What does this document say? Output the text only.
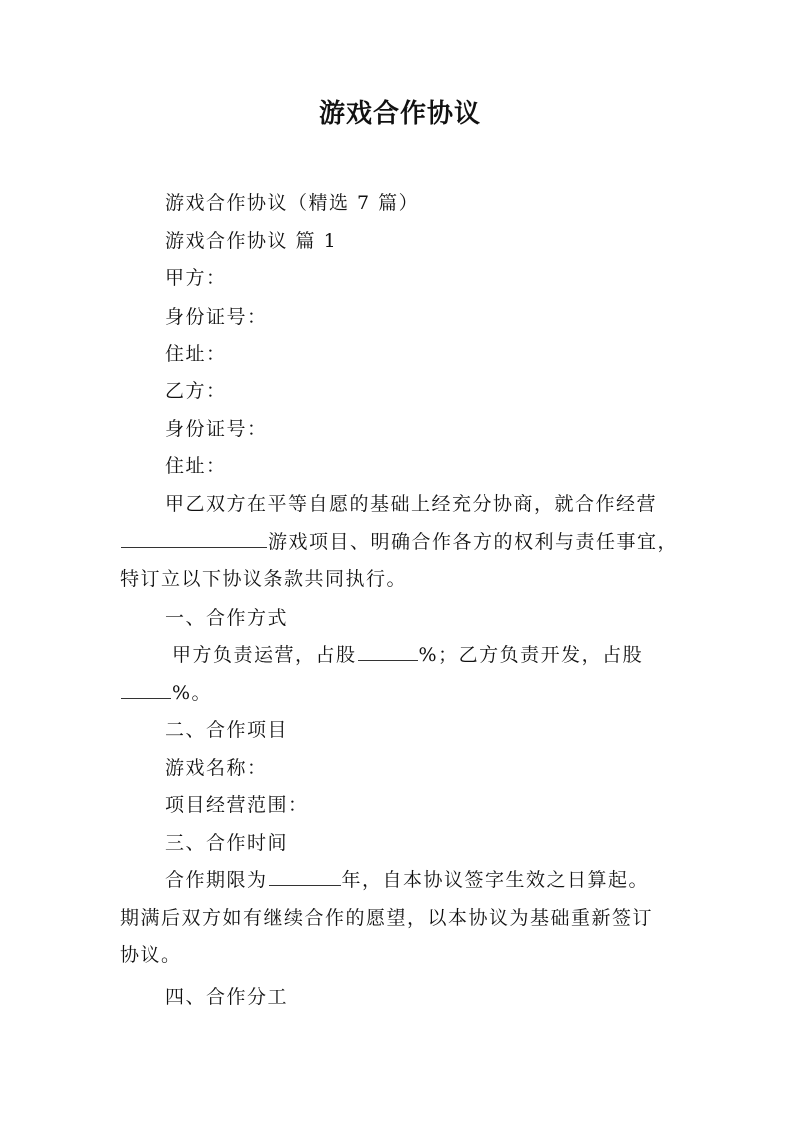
游戏合作协议
游戏合作协议（精选 7 篇）
游戏合作协议 篇 1
甲方：
身份证号：
住址：
乙方：
身份证号：
住址：
甲乙双方在平等自愿的基础上经充分协商，就合作经营
游戏项目、明确合作各方的权利与责任事宜，
特订立以下协议条款共同执行。
一、合作方式
甲方负责运营，占股	%；乙方负责开发，占股
%。
二、合作项目
游戏名称：
项目经营范围：
三、合作时间
合作期限为	年，自本协议签字生效之日算起。
期满后双方如有继续合作的愿望，以本协议为基础重新签订
协议。
四、合作分工
